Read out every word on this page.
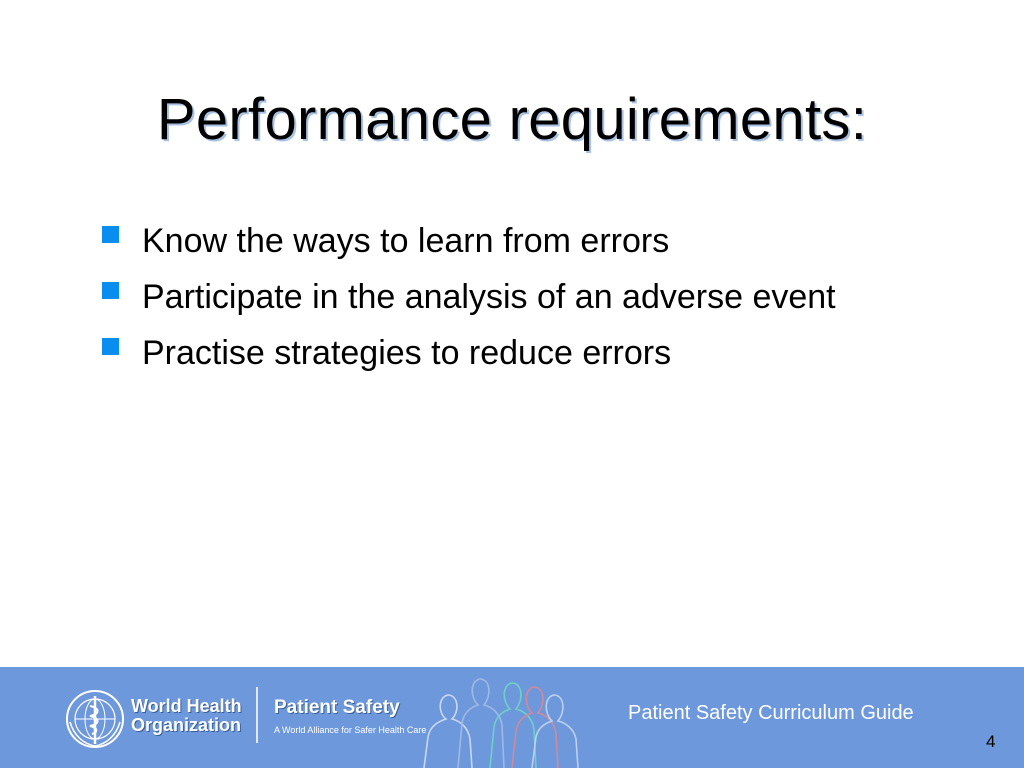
Performance requirements:
Know the ways to learn from errors
Participate in the analysis of an adverse event
Practise strategies to reduce errors
World Health
Organization
Patient Safety
A World Alliance for Safer Health Care
Patient Safety Curriculum Guide
4
